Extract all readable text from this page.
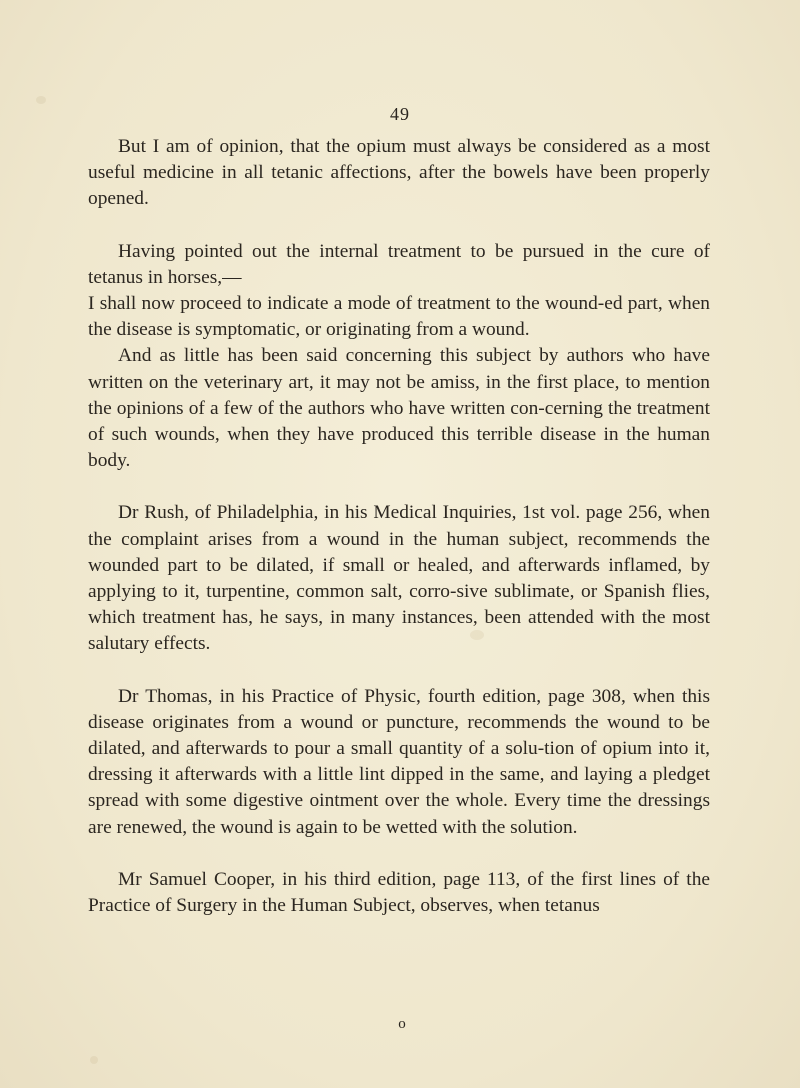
49

But I am of opinion, that the opium must always be considered as a most useful medicine in all tetanic affections, after the bowels have been properly opened.

Having pointed out the internal treatment to be pursued in the cure of tetanus in horses,—

I shall now proceed to indicate a mode of treatment to the wound-ed part, when the disease is symptomatic, or originating from a wound.

And as little has been said concerning this subject by authors who have written on the veterinary art, it may not be amiss, in the first place, to mention the opinions of a few of the authors who have written con-cerning the treatment of such wounds, when they have produced this terrible disease in the human body.

Dr Rush, of Philadelphia, in his Medical Inquiries, 1st vol. page 256, when the complaint arises from a wound in the human subject, recommends the wounded part to be dilated, if small or healed, and afterwards inflamed, by applying to it, turpentine, common salt, corro-sive sublimate, or Spanish flies, which treatment has, he says, in many instances, been attended with the most salutary effects.

Dr Thomas, in his Practice of Physic, fourth edition, page 308, when this disease originates from a wound or puncture, recommends the wound to be dilated, and afterwards to pour a small quantity of a solu-tion of opium into it, dressing it afterwards with a little lint dipped in the same, and laying a pledget spread with some digestive ointment over the whole. Every time the dressings are renewed, the wound is again to be wetted with the solution.

Mr Samuel Cooper, in his third edition, page 113, of the first lines of the Practice of Surgery in the Human Subject, observes, when tetanus

o
